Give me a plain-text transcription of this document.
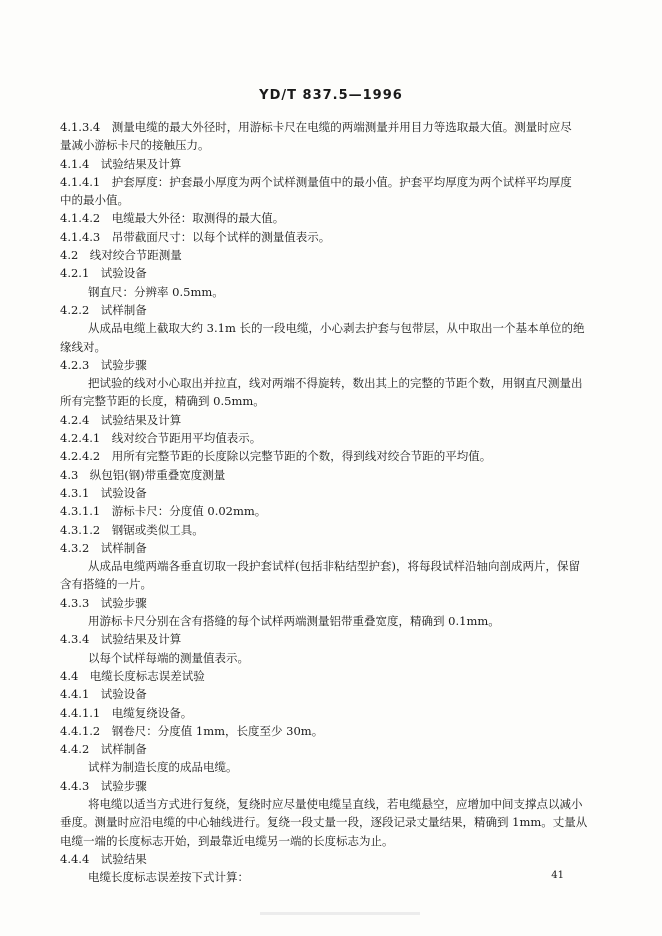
YD/T 837.5—1996
4.1.3.4　测量电缆的最大外径时，用游标卡尺在电缆的两端测量并用目力等选取最大值。测量时应尽
量减小游标卡尺的接触压力。
4.1.4　试验结果及计算
4.1.4.1　护套厚度：护套最小厚度为两个试样测量值中的最小值。护套平均厚度为两个试样平均厚度
中的最小值。
4.1.4.2　电缆最大外径：取测得的最大值。
4.1.4.3　吊带截面尺寸：以每个试样的测量值表示。
4.2　线对绞合节距测量
4.2.1　试验设备
钢直尺：分辨率 0.5mm。
4.2.2　试样制备
从成品电缆上截取大约 3.1m 长的一段电缆，小心剥去护套与包带层，从中取出一个基本单位的绝
缘线对。
4.2.3　试验步骤
把试验的线对小心取出并拉直，线对两端不得旋转，数出其上的完整的节距个数，用钢直尺测量出
所有完整节距的长度，精确到 0.5mm。
4.2.4　试验结果及计算
4.2.4.1　线对绞合节距用平均值表示。
4.2.4.2　用所有完整节距的长度除以完整节距的个数，得到线对绞合节距的平均值。
4.3　纵包铝(钢)带重叠宽度测量
4.3.1　试验设备
4.3.1.1　游标卡尺：分度值 0.02mm。
4.3.1.2　钢锯或类似工具。
4.3.2　试样制备
从成品电缆两端各垂直切取一段护套试样(包括非粘结型护套)，将每段试样沿轴向剖成两片，保留
含有搭缝的一片。
4.3.3　试验步骤
用游标卡尺分别在含有搭缝的每个试样两端测量铝带重叠宽度，精确到 0.1mm。
4.3.4　试验结果及计算
以每个试样每端的测量值表示。
4.4　电缆长度标志误差试验
4.4.1　试验设备
4.4.1.1　电缆复绕设备。
4.4.1.2　钢卷尺：分度值 1mm，长度至少 30m。
4.4.2　试样制备
试样为制造长度的成品电缆。
4.4.3　试验步骤
将电缆以适当方式进行复绕，复绕时应尽量使电缆呈直线，若电缆悬空，应增加中间支撑点以减小
垂度。测量时应沿电缆的中心轴线进行。复绕一段丈量一段，逐段记录丈量结果，精确到 1mm。丈量从
电缆一端的长度标志开始，到最靠近电缆另一端的长度标志为止。
4.4.4　试验结果
电缆长度标志误差按下式计算：	41
